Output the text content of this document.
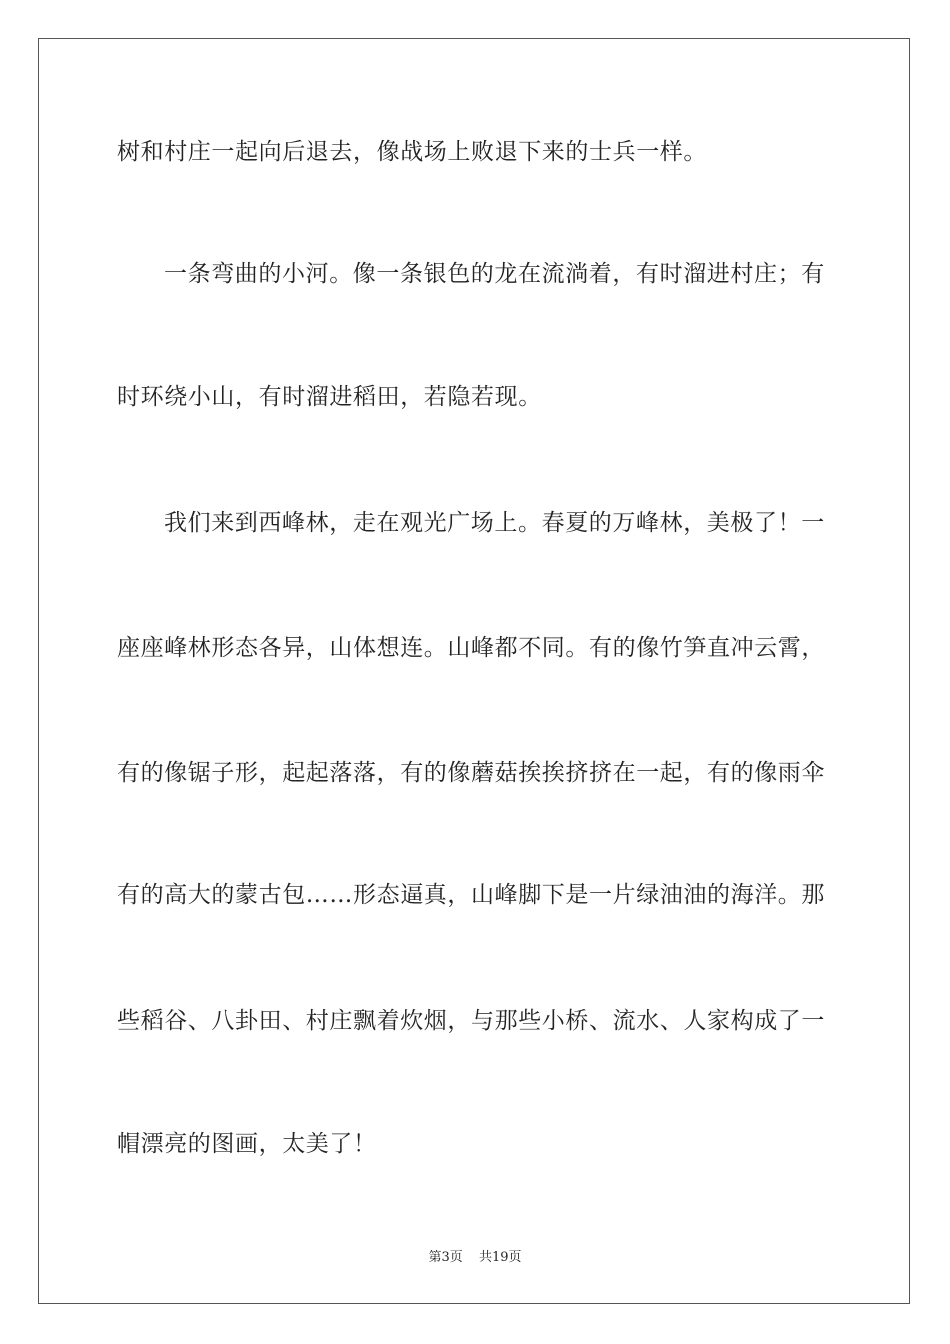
树和村庄一起向后退去，像战场上败退下来的士兵一样。
一条弯曲的小河。像一条银色的龙在流淌着，有时溜进村庄；有
时环绕小山，有时溜进稻田，若隐若现。
我们来到西峰林，走在观光广场上。春夏的万峰林，美极了！一
座座峰林形态各异，山体想连。山峰都不同。有的像竹笋直冲云霄，
有的像锯子形，起起落落，有的像蘑菇挨挨挤挤在一起，有的像雨伞
有的高大的蒙古包……形态逼真，山峰脚下是一片绿油油的海洋。那
些稻谷、八卦田、村庄飘着炊烟，与那些小桥、流水、人家构成了一
帽漂亮的图画，太美了！
第3页 共19页
